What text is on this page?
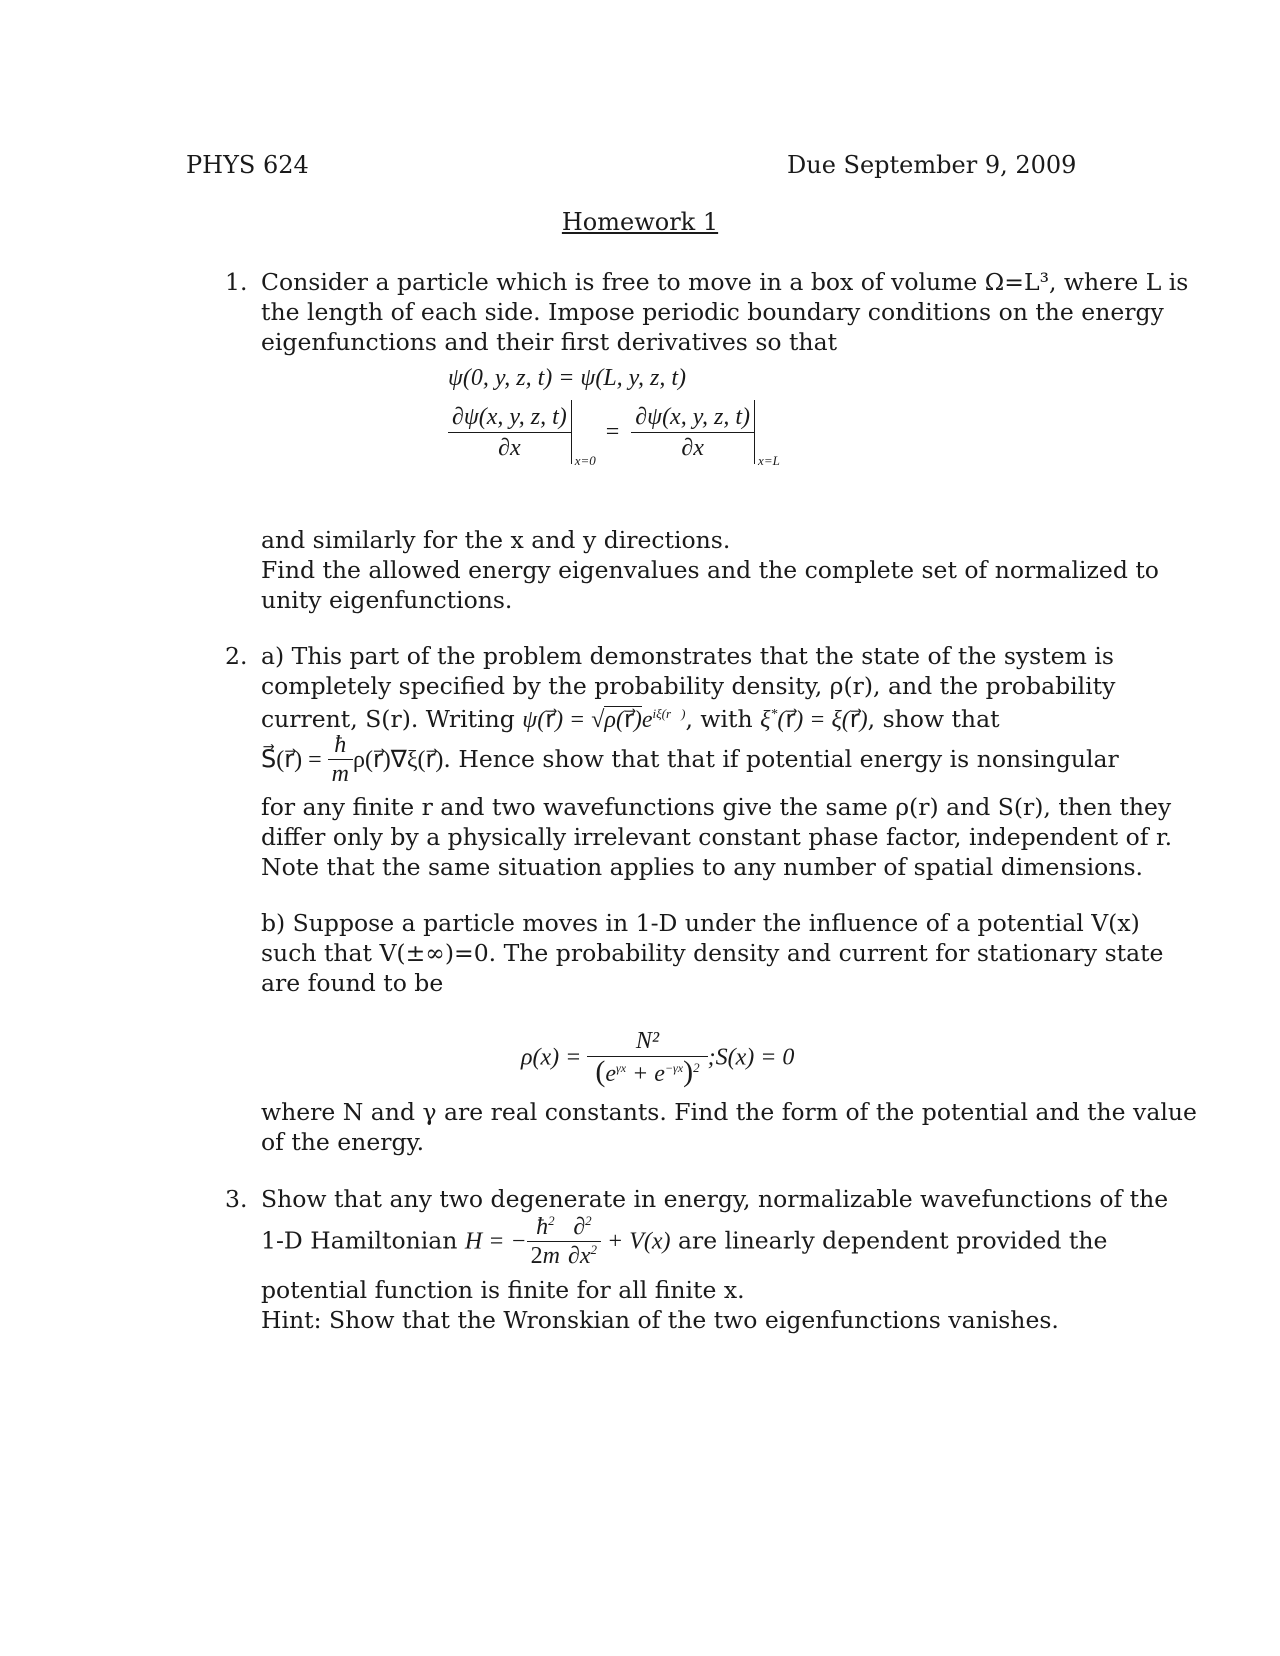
PHYS 624	Due September 9, 2009
Homework 1
1. Consider a particle which is free to move in a box of volume Ω=L³, where L is
the length of each side. Impose periodic boundary conditions on the energy
eigenfunctions and their first derivatives so that
ψ(0, y, z, t) = ψ(L, y, z, t)
$\frac{\partial\psi(x, y, z, t)}{\partial x} x=0$
= $\frac{\partial\psi(x, y, z, t)}{\partial x} x=L$
and similarly for the x and y directions.
Find the allowed energy eigenvalues and the complete set of normalized to
unity eigenfunctions.
2. a) This part of the problem demonstrates that the state of the system is
completely specified by the probability density, ρ(r), and the probability
current, S(r). Writing ψ(r⃗) = $√\rho(r⃗)e^{i\xi(r⃗)}$, with ξ*(r⃗) = ξ(r⃗), show that
S⃗(r⃗) = $\frac{ħ}{m}$ ρ(r⃗)∇ξ(r⃗). Hence show that that if potential energy is nonsingular
for any finite r and two wavefunctions give the same ρ(r) and S(r), then they
differ only by a physically irrelevant constant phase factor, independent of r.
Note that the same situation applies to any number of spatial dimensions.
b) Suppose a particle moves in 1-D under the influence of a potential V(x)
such that V(±∞)=0. The probability density and current for stationary state
are found to be
$\rho(x) = \frac{\text{N²}}{(e^{\gamma x} + e^{-\gamma x})^2}$ ;S(x) = 0
where N and γ are real constants. Find the form of the potential and the value
of the energy.
3. Show that any two degenerate in energy, normalizable wavefunctions of the
1-D Hamiltonian H = − $\frac{ħ^2}{2m} \frac{\partial^2}{\partial x^2} + V(x)$ are linearly dependent provided the
potential function is finite for all finite x.
Hint: Show that the Wronskian of the two eigenfunctions vanishes.
